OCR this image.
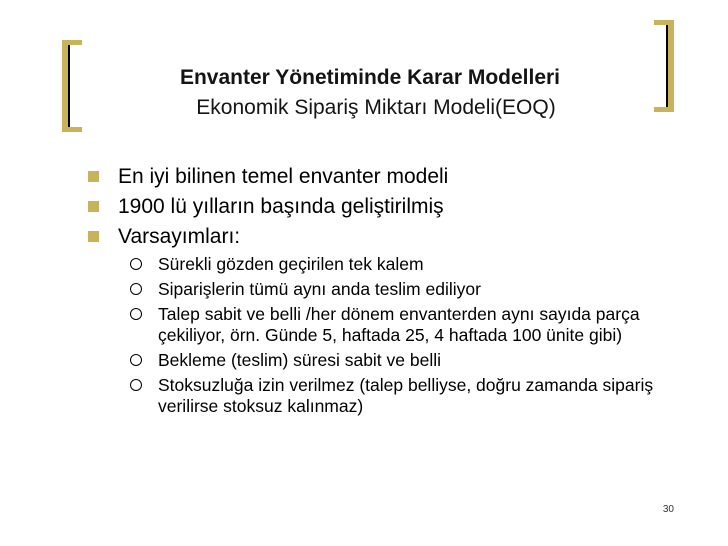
Envanter Yönetiminde Karar Modelleri
Ekonomik Sipariş Miktarı Modeli(EOQ)
En iyi bilinen temel envanter modeli
1900 lü yılların başında geliştirilmiş
Varsayımları:
Sürekli gözden geçirilen tek kalem
Siparişlerin tümü aynı anda teslim ediliyor
Talep sabit ve belli /her dönem envanterden aynı sayıda parça çekiliyor, örn. Günde 5, haftada 25, 4 haftada 100 ünite gibi)
Bekleme (teslim) süresi sabit ve belli
Stoksuzluğa izin verilmez (talep belliyse, doğru zamanda sipariş verilirse stoksuz kalınmaz)
30
